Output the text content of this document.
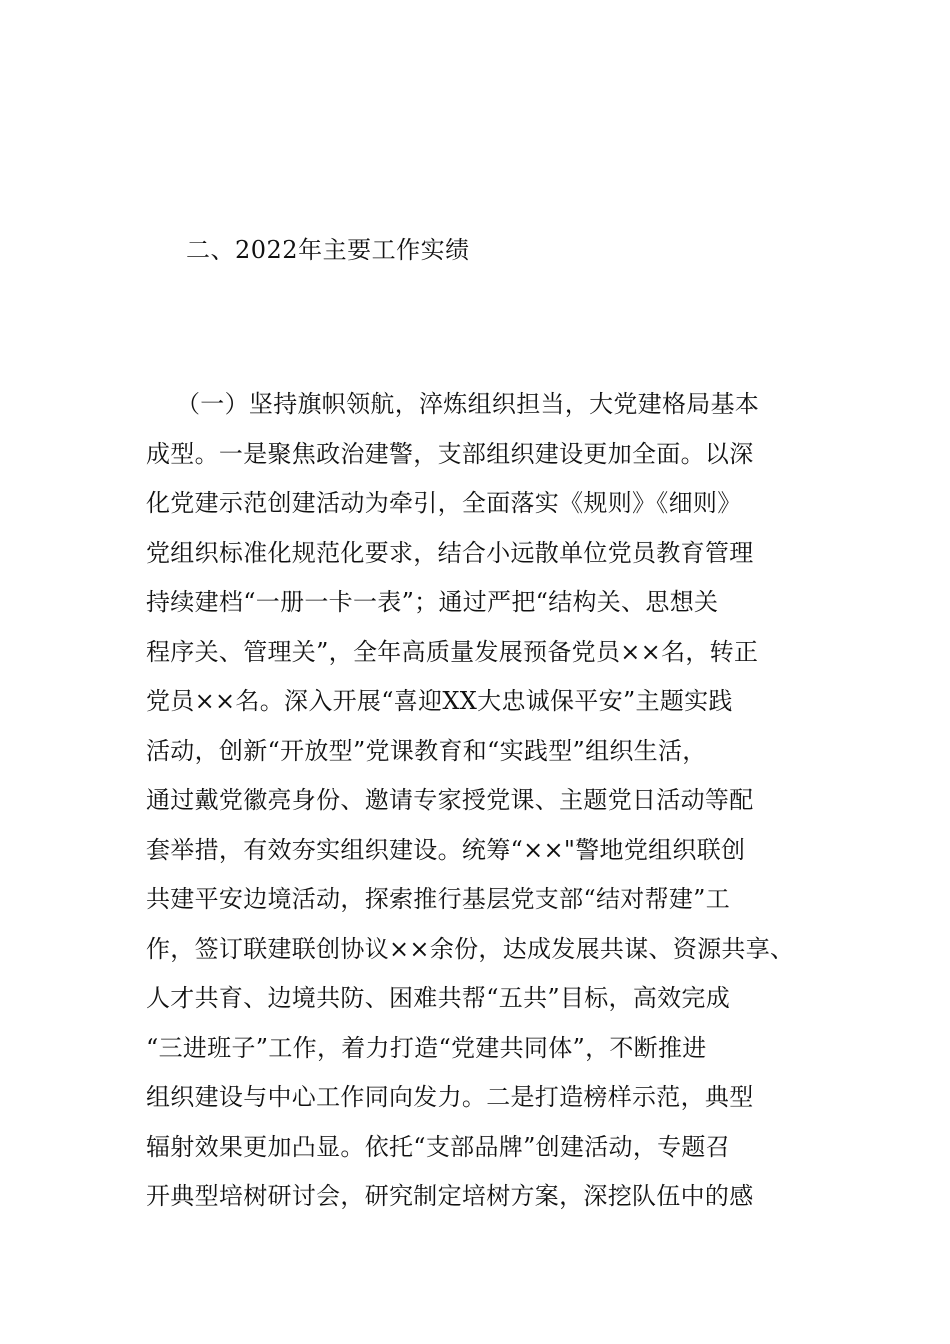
二、2022年主要工作实绩
（一）坚持旗帜领航，淬炼组织担当，大党建格局基本
成型。一是聚焦政治建警，支部组织建设更加全面。以深
化党建示范创建活动为牵引，全面落实《规则》《细则》
党组织标准化规范化要求，结合小远散单位党员教育管理
持续建档“一册一卡一表”；通过严把“结构关、思想关
程序关、管理关”，全年高质量发展预备党员××名，转正
党员××名。深入开展“喜迎XX大忠诚保平安”主题实践
活动，创新“开放型”党课教育和“实践型”组织生活，
通过戴党徽亮身份、邀请专家授党课、主题党日活动等配
套举措，有效夯实组织建设。统筹“××"警地党组织联创
共建平安边境活动，探索推行基层党支部“结对帮建”工
作，签订联建联创协议××余份，达成发展共谋、资源共享、
人才共育、边境共防、困难共帮“五共”目标，高效完成
“三进班子”工作，着力打造“党建共同体”，不断推进
组织建设与中心工作同向发力。二是打造榜样示范，典型
辐射效果更加凸显。依托“支部品牌”创建活动，专题召
开典型培树研讨会，研究制定培树方案，深挖队伍中的感
